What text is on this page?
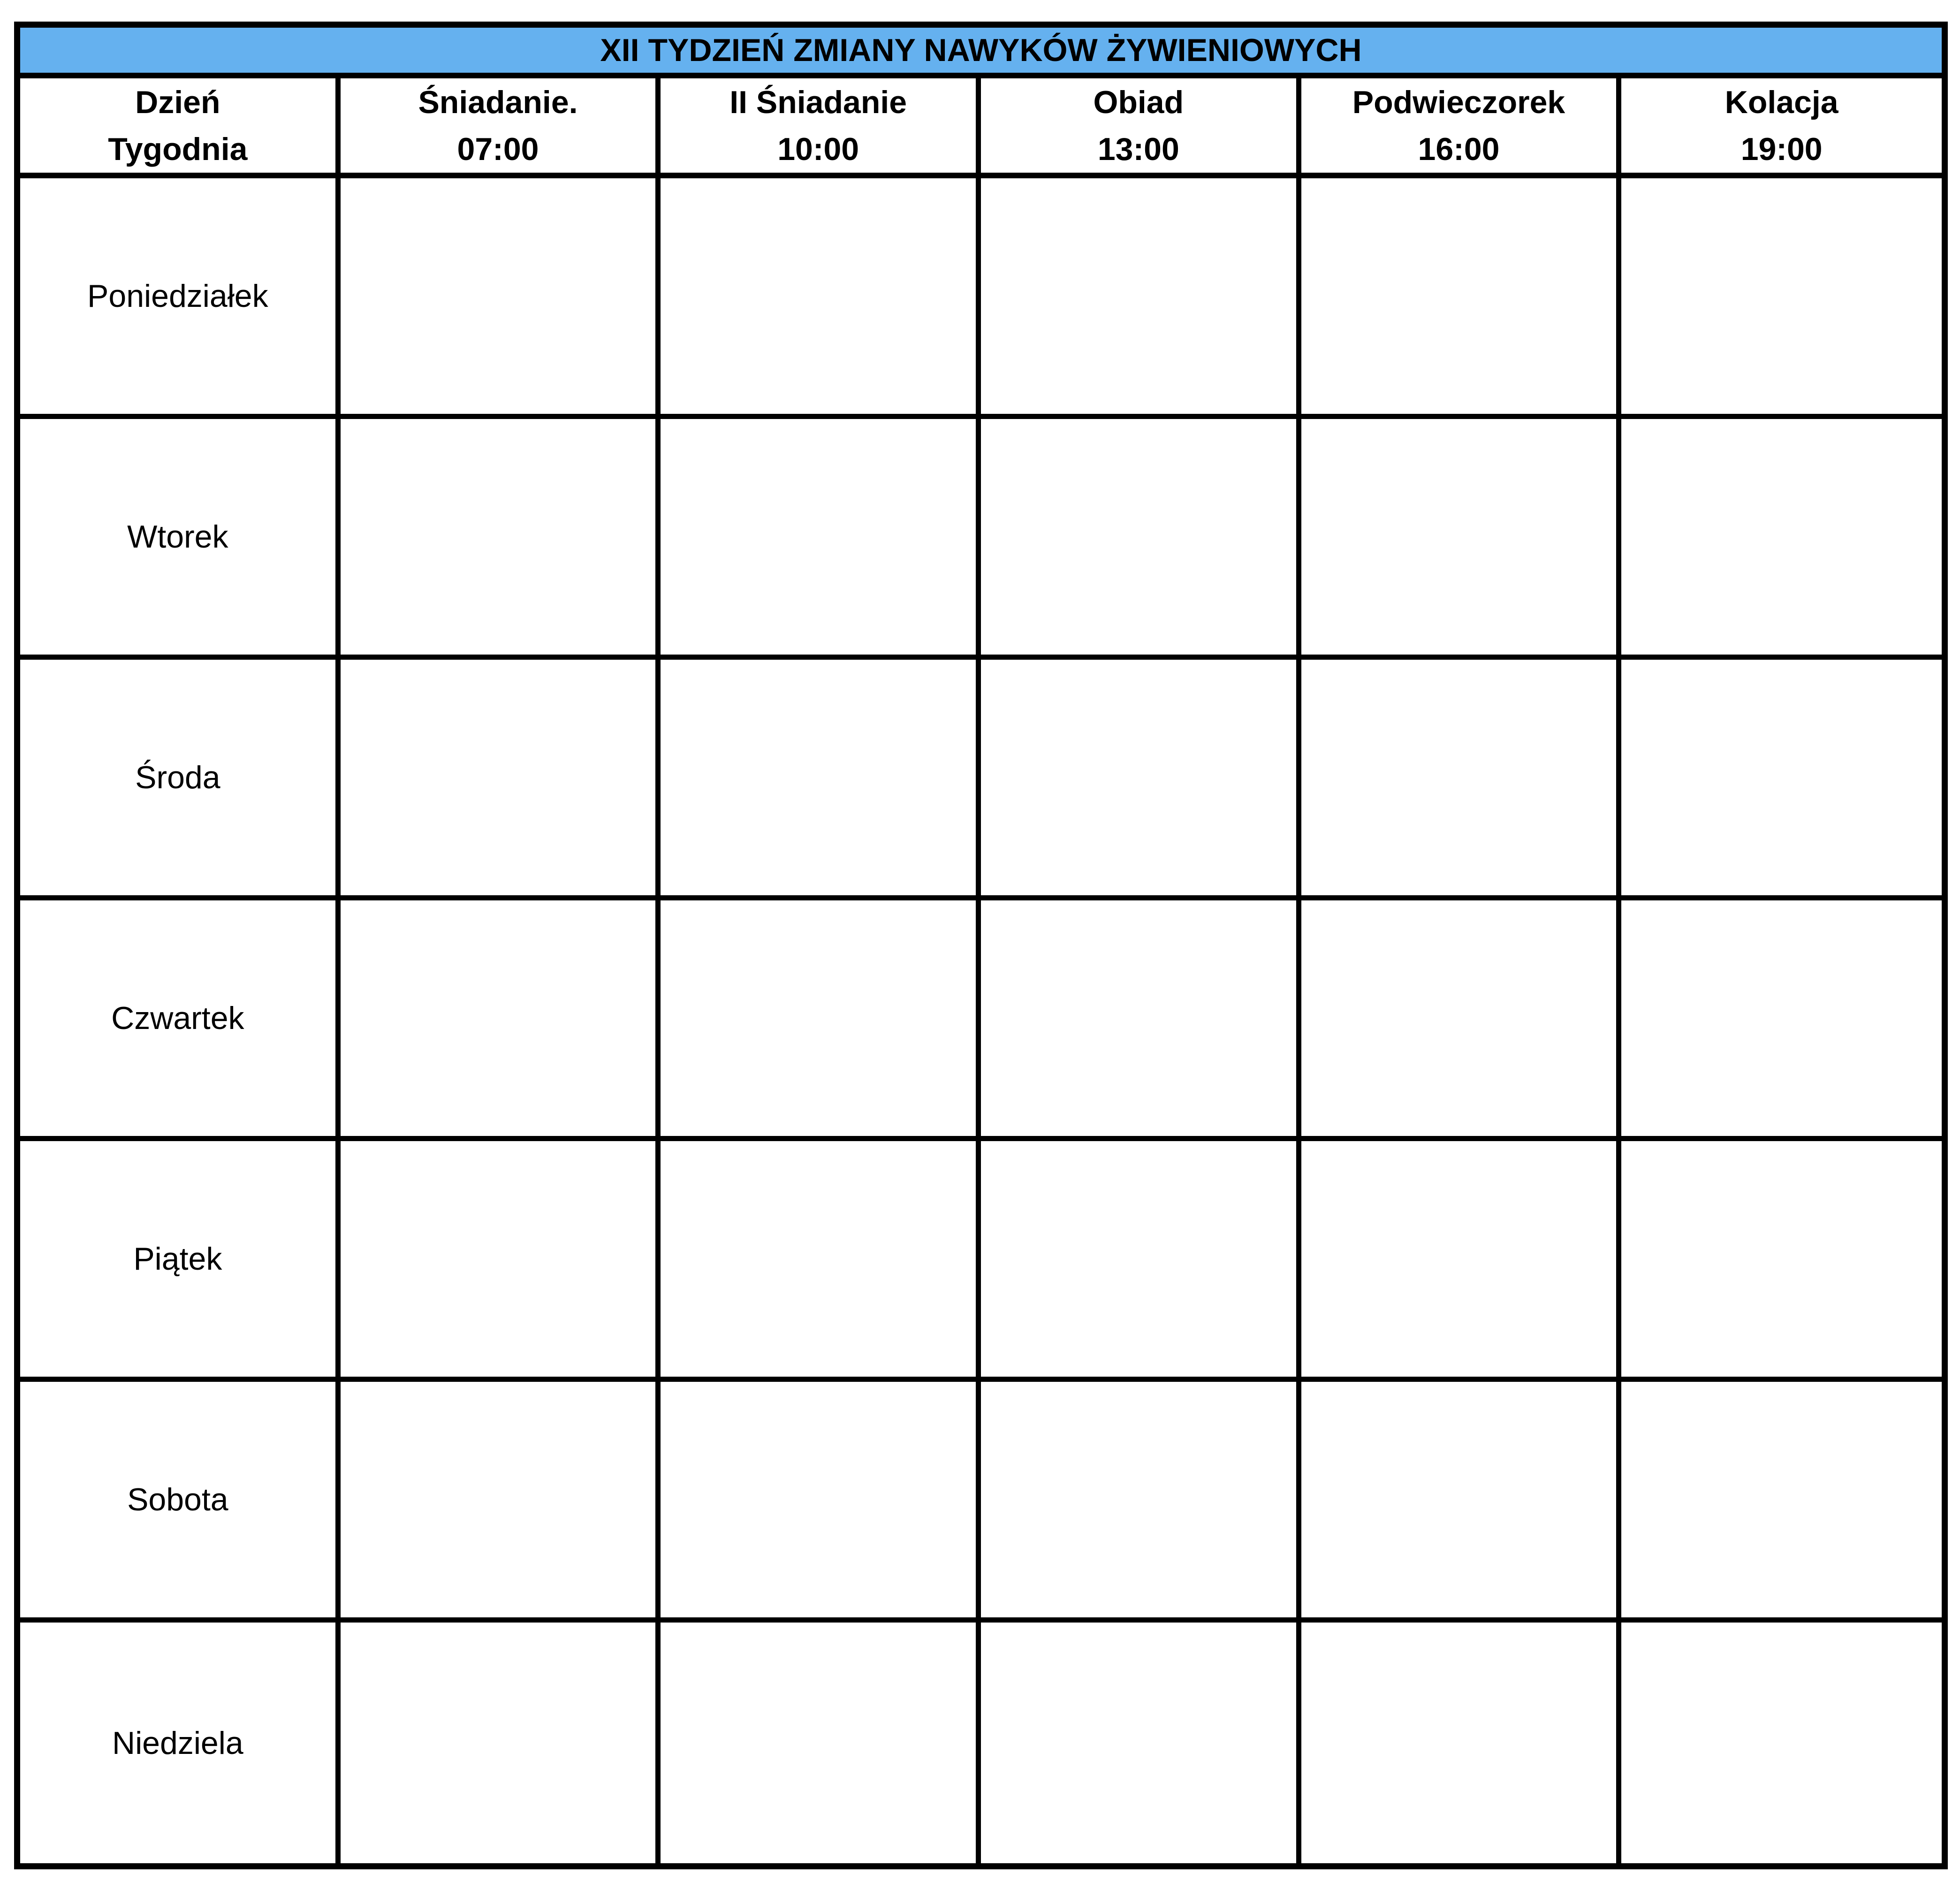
XII TYDZIEŃ ZMIANY NAWYKÓW ŻYWIENIOWYCH
Dzień
Tygodnia
Śniadanie.
07:00
II Śniadanie
10:00
Obiad
13:00
Podwieczorek
16:00
Kolacja
19:00
Poniedziałek
Wtorek
Środa
Czwartek
Piątek
Sobota
Niedziela
